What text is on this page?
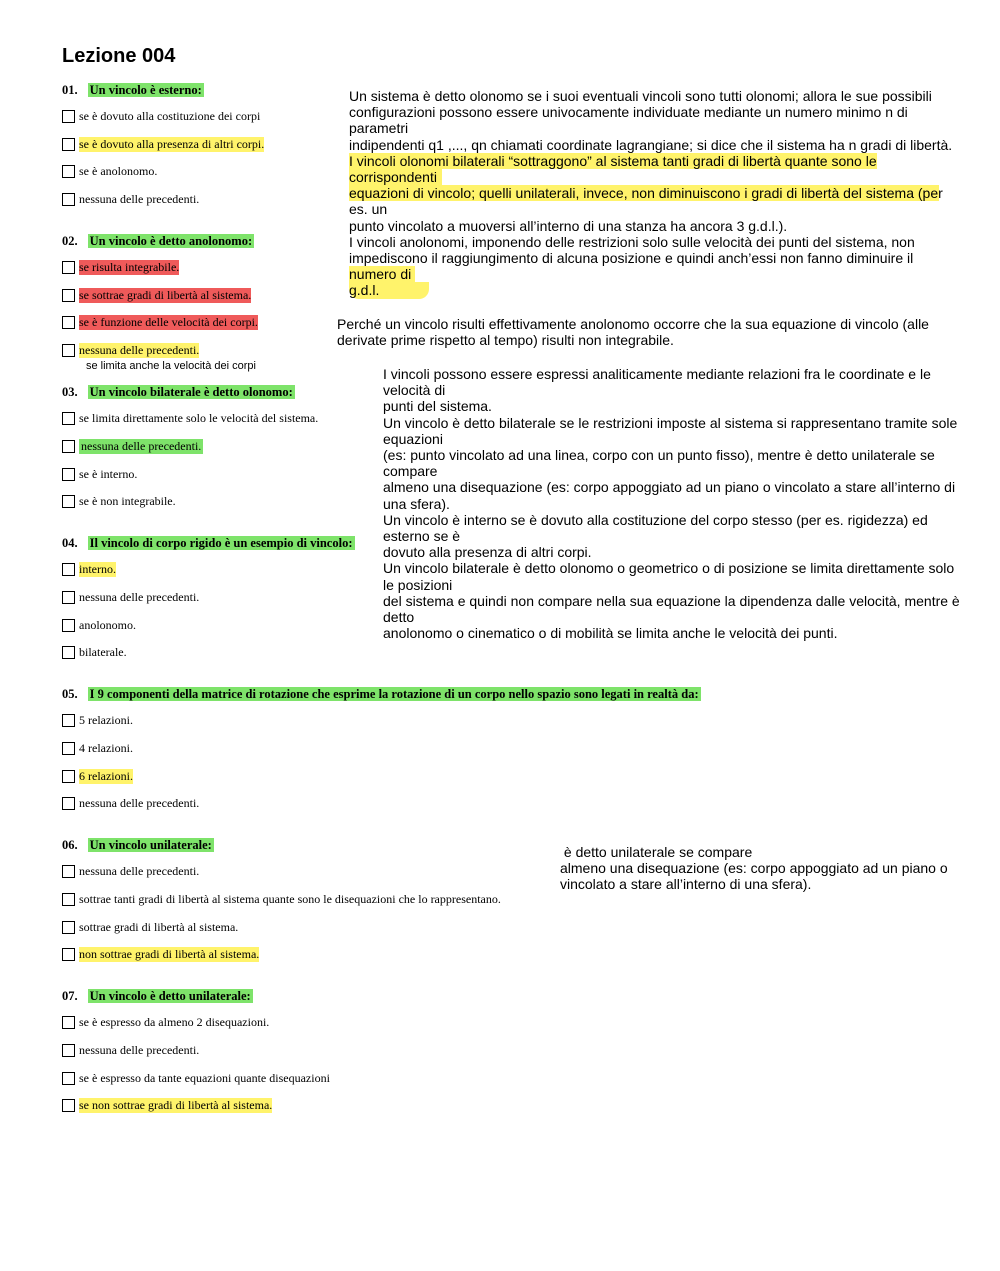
Lezione 004
01. Un vincolo è esterno:
se è dovuto alla costituzione dei corpi
se è dovuto alla presenza di altri corpi.
se è anolonomo.
nessuna delle precedenti.
02. Un vincolo è detto anolonomo:
se risulta integrabile.
se sottrae gradi di libertà al sistema.
se è funzione delle velocità dei corpi.
nessuna delle precedenti.
se limita anche la velocità dei corpi
03. Un vincolo bilaterale è detto olonomo:
se limita direttamente solo le velocità del sistema.
nessuna delle precedenti.
se è interno.
se è non integrabile.
04. Il vincolo di corpo rigido è un esempio di vincolo:
interno.
nessuna delle precedenti.
anolonomo.
bilaterale.
05. I 9 componenti della matrice di rotazione che esprime la rotazione di un corpo nello spazio sono legati in realtà da:
5 relazioni.
4 relazioni.
6 relazioni.
nessuna delle precedenti.
06. Un vincolo unilaterale:
nessuna delle precedenti.
sottrae tanti gradi di libertà al sistema quante sono le disequazioni che lo rappresentano.
sottrae gradi di libertà al sistema.
non sottrae gradi di libertà al sistema.
07. Un vincolo è detto unilaterale:
se è espresso da almeno 2 disequazioni.
nessuna delle precedenti.
se è espresso da tante equazioni quante disequazioni
se non sottrae gradi di libertà al sistema.
Un sistema è detto olonomo se i suoi eventuali vincoli sono tutti olonomi; allora le sue possibili
configurazioni possono essere univocamente individuate mediante un numero minimo n di
parametri
indipendenti q1 ,..., qn chiamati coordinate lagrangiane; si dice che il sistema ha n gradi di libertà.
I vincoli olonomi bilaterali “sottraggono” al sistema tanti gradi di libertà quante sono le
corrispondenti
equazioni di vincolo; quelli unilaterali, invece, non diminuiscono i gradi di libertà del sistema (per
es. un
punto vincolato a muoversi all’interno di una stanza ha ancora 3 g.d.l.).
I vincoli anolonomi, imponendo delle restrizioni solo sulle velocità dei punti del sistema, non
impediscono il raggiungimento di alcuna posizione e quindi anch’essi non fanno diminuire il
numero di
g.d.l.
Perché un vincolo risulti effettivamente anolonomo occorre che la sua equazione di vincolo (alle
derivate prime rispetto al tempo) risulti non integrabile.
I vincoli possono essere espressi analiticamente mediante relazioni fra le coordinate e le
velocità di
punti del sistema.
Un vincolo è detto bilaterale se le restrizioni imposte al sistema si rappresentano tramite sole
equazioni
(es: punto vincolato ad una linea, corpo con un punto fisso), mentre è detto unilaterale se
compare
almeno una disequazione (es: corpo appoggiato ad un piano o vincolato a stare all’interno di
una sfera).
Un vincolo è interno se è dovuto alla costituzione del corpo stesso (per es. rigidezza) ed
esterno se è
dovuto alla presenza di altri corpi.
Un vincolo bilaterale è detto olonomo o geometrico o di posizione se limita direttamente solo
le posizioni
del sistema e quindi non compare nella sua equazione la dipendenza dalle velocità, mentre è
detto
anolonomo o cinematico o di mobilità se limita anche le velocità dei punti.
è detto unilaterale se compare
almeno una disequazione (es: corpo appoggiato ad un piano o
vincolato a stare all’interno di una sfera).
